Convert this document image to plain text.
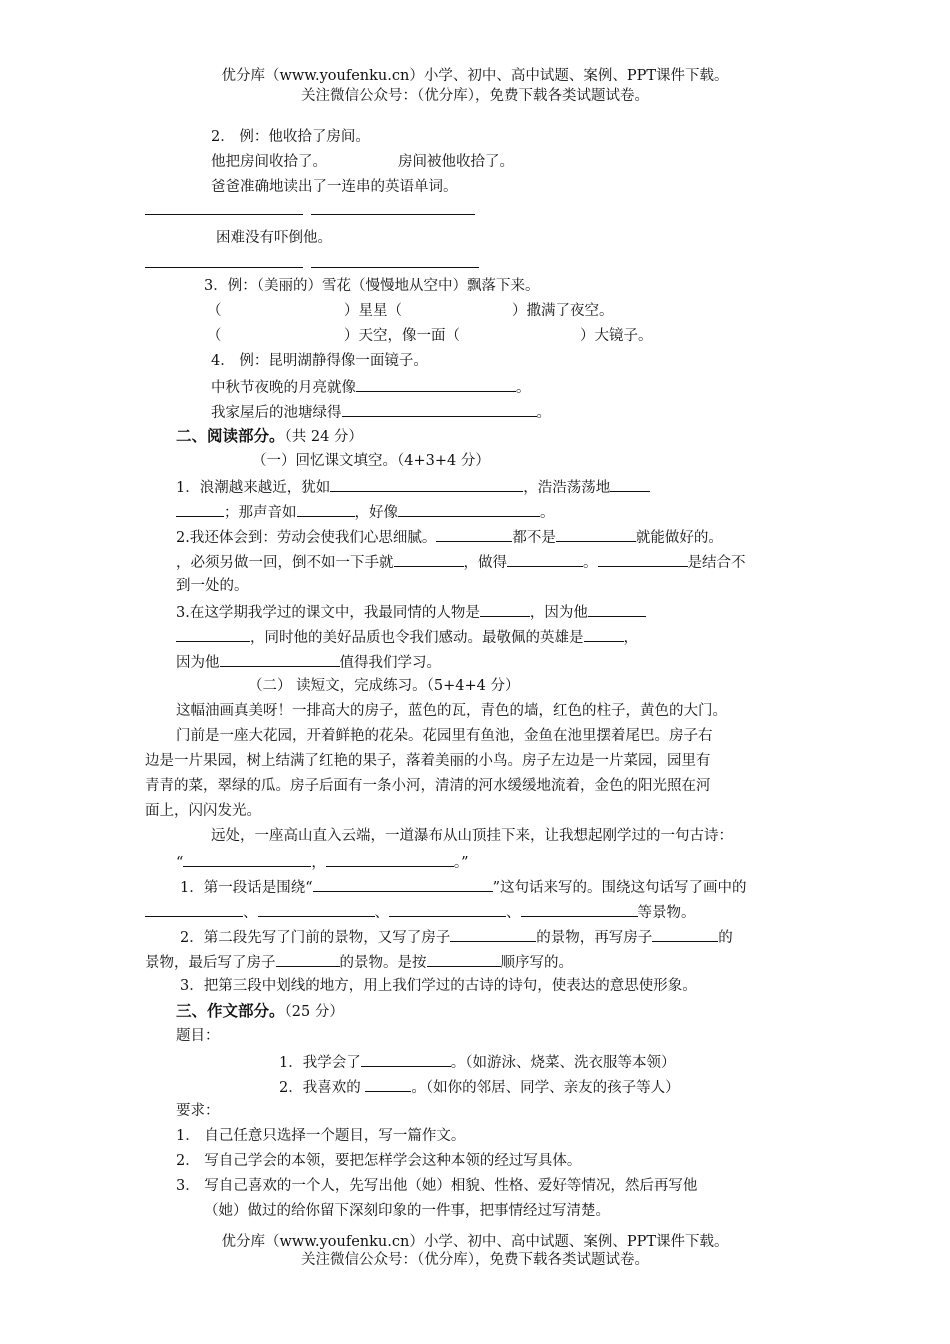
优分库（www.youfenku.cn）小学、初中、高中试题、案例、PPT课件下载。
关注微信公众号：（优分库），免费下载各类试题试卷。
2． 例：他收拾了房间。
他把房间收拾了。	房间被他收拾了。
爸爸准确地读出了一连串的英语单词。
困难没有吓倒他。
3．例：（美丽的）雪花（慢慢地从空中）飘落下来。
（	）星星（	）撒满了夜空。
（	）天空，像一面（	）大镜子。
4． 例：昆明湖静得像一面镜子。
中秋节夜晚的月亮就像	。
我家屋后的池塘绿得	。
二、阅读部分。（共 24 分）
（一）回忆课文填空。（4+3+4 分）
1．浪潮越来越近，犹如	，浩浩荡荡地
；那声音如	，好像	。
2.我还体会到：劳动会使我们心思细腻。	都不是	就能做好的。
，必须另做一回，倒不如一下手就	，做得	。	是结合不
到一处的。
3.在这学期我学过的课文中，我最同情的人物是	，因为他
，同时他的美好品质也令我们感动。最敬佩的英雄是	，
因为他	值得我们学习。
（二） 读短文，完成练习。（5+4+4 分）
这幅油画真美呀！一排高大的房子，蓝色的瓦，青色的墙，红色的柱子，黄色的大门。
门前是一座大花园，开着鲜艳的花朵。花园里有鱼池，金鱼在池里摆着尾巴。房子右
边是一片果园，树上结满了红艳的果子，落着美丽的小鸟。房子左边是一片菜园，园里有
青青的菜，翠绿的瓜。房子后面有一条小河，清清的河水缓缓地流着，金色的阳光照在河
面上，闪闪发光。
远处，一座高山直入云端，一道瀑布从山顶挂下来，让我想起刚学过的一句古诗：
“	，	。”
1．第一段话是围绕“	”这句话来写的。围绕这句话写了画中的
、	、	、	等景物。
2．第二段先写了门前的景物，又写了房子	的景物，再写房子	的
景物，最后写了房子	的景物。是按	顺序写的。
3．把第三段中划线的地方，用上我们学过的古诗的诗句，使表达的意思使形象。
三、作文部分。（25 分）
题目：
1．我学会了	。（如游泳、烧菜、洗衣服等本领）
2．我喜欢的	。（如你的邻居、同学、亲友的孩子等人）
要求：
1． 自己任意只选择一个题目，写一篇作文。
2． 写自己学会的本领，要把怎样学会这种本领的经过写具体。
3． 写自己喜欢的一个人，先写出他（她）相貌、性格、爱好等情况，然后再写他
（她）做过的给你留下深刻印象的一件事，把事情经过写清楚。
优分库（www.youfenku.cn）小学、初中、高中试题、案例、PPT课件下载。
关注微信公众号：（优分库），免费下载各类试题试卷。
